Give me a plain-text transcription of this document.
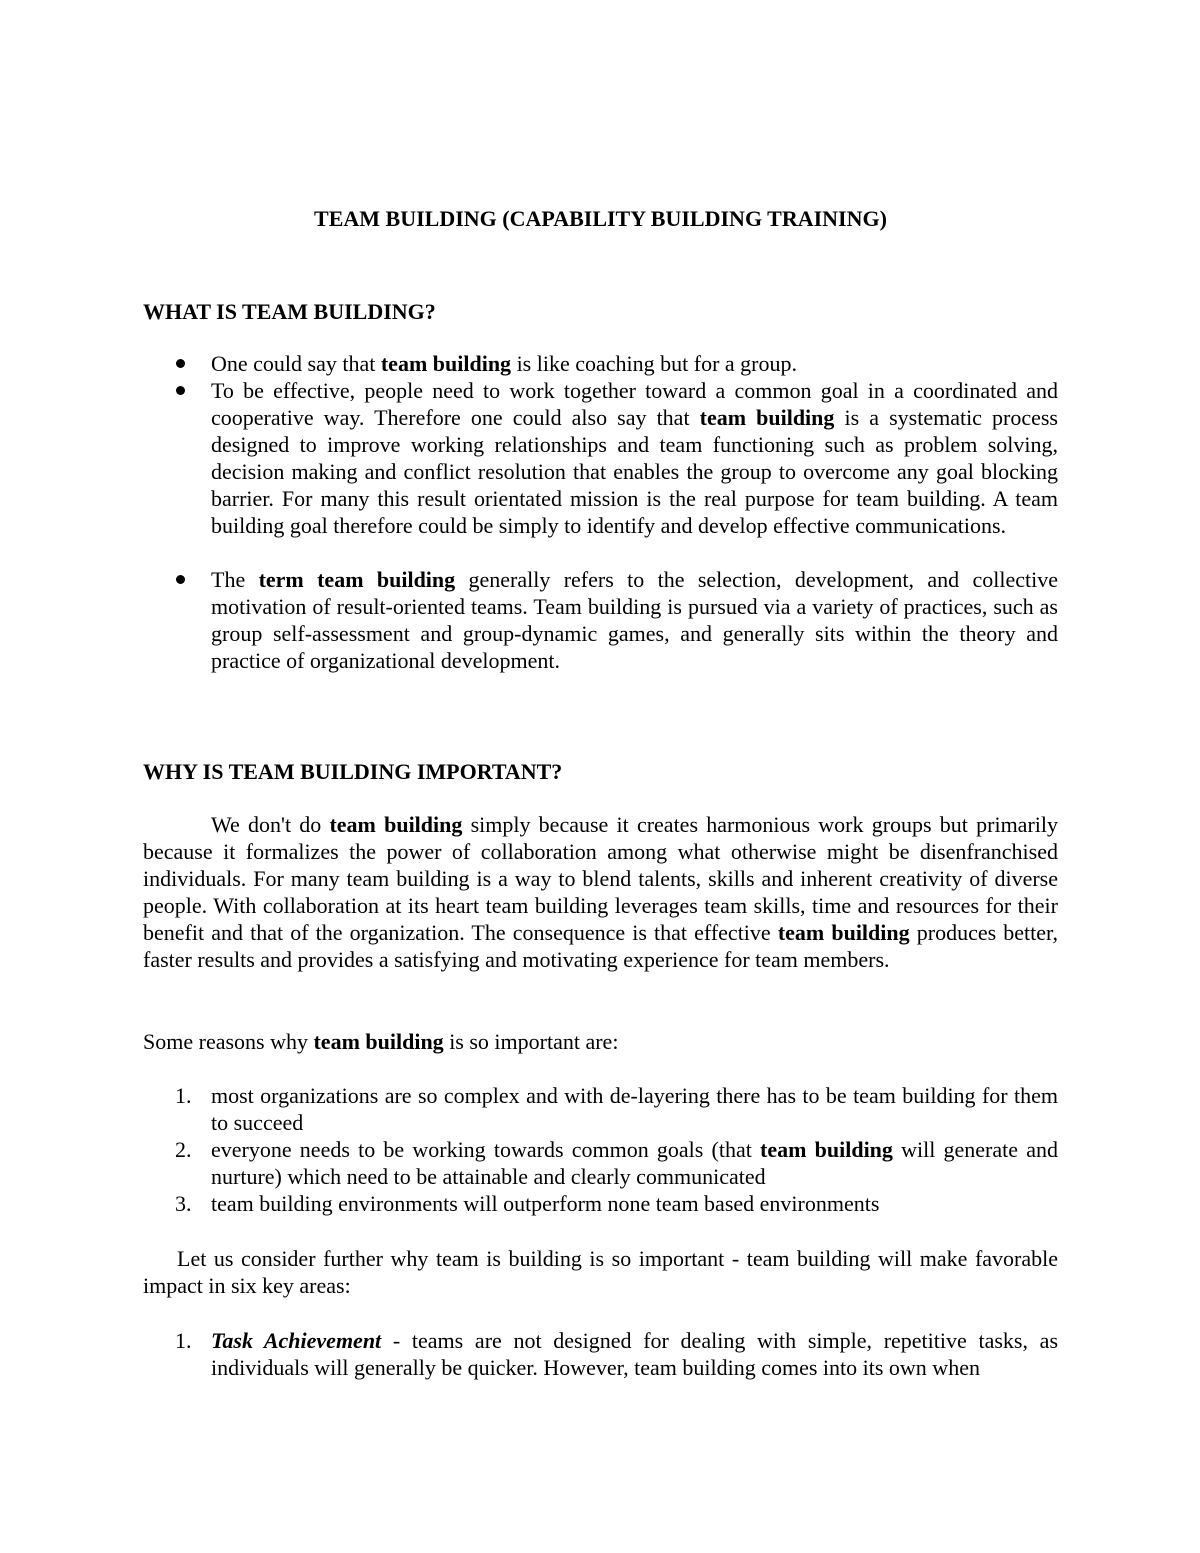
TEAM BUILDING (CAPABILITY BUILDING TRAINING)
WHAT IS TEAM BUILDING?
One could say that team building is like coaching but for a group.
To be effective, people need to work together toward a common goal in a coordinated and cooperative way. Therefore one could also say that team building is a systematic process designed to improve working relationships and team functioning such as problem solving, decision making and conflict resolution that enables the group to overcome any goal blocking barrier. For many this result orientated mission is the real purpose for team building. A team building goal therefore could be simply to identify and develop effective communications.
The term team building generally refers to the selection, development, and collective motivation of result-oriented teams. Team building is pursued via a variety of practices, such as group self-assessment and group-dynamic games, and generally sits within the theory and practice of organizational development.
WHY IS TEAM BUILDING IMPORTANT?

We don't do team building simply because it creates harmonious work groups but primarily because it formalizes the power of collaboration among what otherwise might be disenfranchised individuals. For many team building is a way to blend talents, skills and inherent creativity of diverse people. With collaboration at its heart team building leverages team skills, time and resources for their benefit and that of the organization. The consequence is that effective team building produces better, faster results and provides a satisfying and motivating experience for team members.

Some reasons why team building is so important are:

1. most organizations are so complex and with de-layering there has to be team building for them to succeed
2. everyone needs to be working towards common goals (that team building will generate and nurture) which need to be attainable and clearly communicated
3. team building environments will outperform none team based environments

Let us consider further why team is building is so important - team building will make favorable impact in six key areas:

1. Task Achievement - teams are not designed for dealing with simple, repetitive tasks, as individuals will generally be quicker. However, team building comes into its own when
